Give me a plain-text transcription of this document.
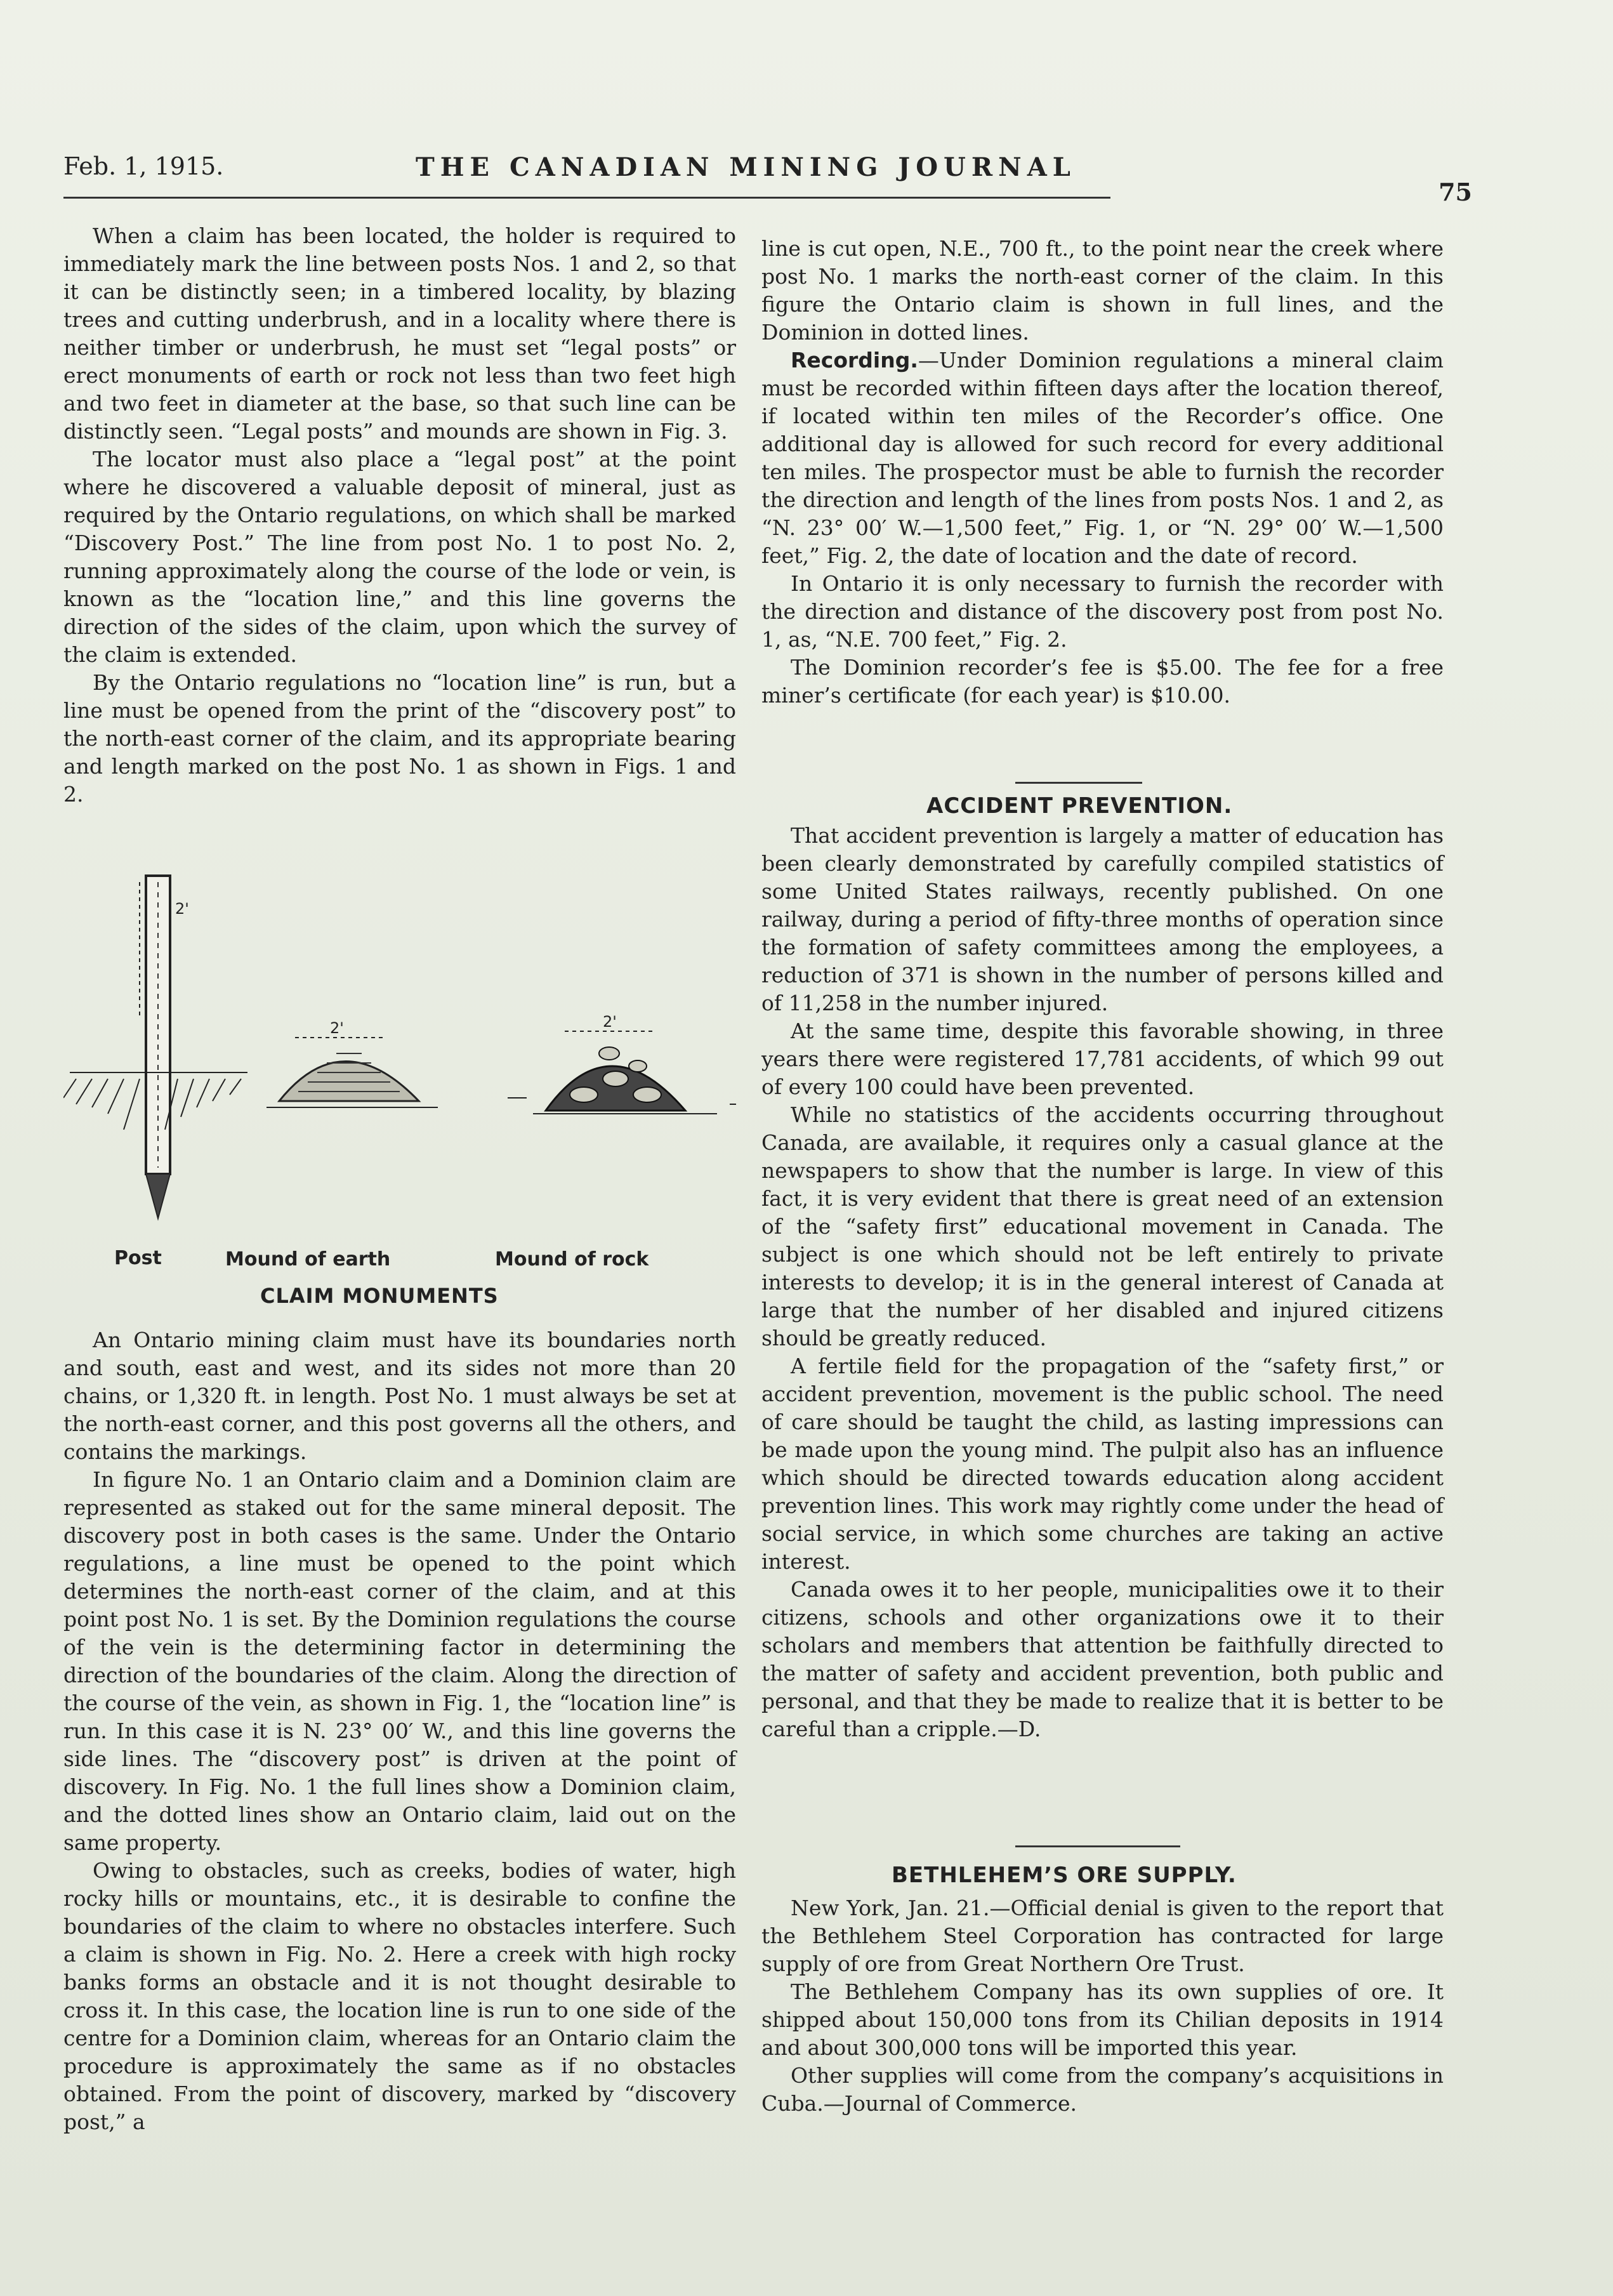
Feb. 1, 1915.	THE CANADIAN MINING JOURNAL
75

When a claim has been located, the holder is required to immediately mark the line between posts Nos. 1 and 2, so that it can be distinctly seen; in a timbered locality, by blazing trees and cutting underbrush, and in a locality where there is neither timber or underbrush, he must set “legal posts” or erect monuments of earth or rock not less than two feet high and two feet in diameter at the base, so that such line can be distinctly seen. “Legal posts” and mounds are shown in Fig. 3.

The locator must also place a “legal post” at the point where he discovered a valuable deposit of mineral, just as required by the Ontario regulations, on which shall be marked “Discovery Post.” The line from post No. 1 to post No. 2, running approximately along the course of the lode or vein, is known as the “location line,” and this line governs the direction of the sides of the claim, upon which the survey of the claim is extended.

By the Ontario regulations no “location line” is run, but a line must be opened from the print of the “discovery post” to the north-east corner of the claim, and its appropriate bearing and length marked on the post No. 1 as shown in Figs. 1 and 2.

2'
2'	2'
Post	Mound of earth	Mound of rock
CLAIM MONUMENTS

An Ontario mining claim must have its boundaries north and south, east and west, and its sides not more than 20 chains, or 1,320 ft. in length. Post No. 1 must always be set at the north-east corner, and this post governs all the others, and contains the markings.

In figure No. 1 an Ontario claim and a Dominion claim are represented as staked out for the same mineral deposit. The discovery post in both cases is the same. Under the Ontario regulations, a line must be opened to the point which determines the north-east corner of the claim, and at this point post No. 1 is set. By the Dominion regulations the course of the vein is the determining factor in determining the direction of the boundaries of the claim. Along the direction of the course of the vein, as shown in Fig. 1, the “location line” is run. In this case it is N. 23° 00′ W., and this line governs the side lines. The “discovery post” is driven at the point of discovery. In Fig. No. 1 the full lines show a Dominion claim, and the dotted lines show an Ontario claim, laid out on the same property.

Owing to obstacles, such as creeks, bodies of water, high rocky hills or mountains, etc., it is desirable to confine the boundaries of the claim to where no obstacles interfere. Such a claim is shown in Fig. No. 2. Here a creek with high rocky banks forms an obstacle and it is not thought desirable to cross it. In this case, the location line is run to one side of the centre for a Dominion claim, whereas for an Ontario claim the procedure is approximately the same as if no obstacles obtained. From the point of discovery, marked by “discovery post,” a

line is cut open, N.E., 700 ft., to the point near the creek where post No. 1 marks the north-east corner of the claim. In this figure the Ontario claim is shown in full lines, and the Dominion in dotted lines.

Recording.—Under Dominion regulations a mineral claim must be recorded within fifteen days after the location thereof, if located within ten miles of the Recorder’s office. One additional day is allowed for such record for every additional ten miles. The prospector must be able to furnish the recorder the direction and length of the lines from posts Nos. 1 and 2, as “N. 23° 00′ W.—1,500 feet,” Fig. 1, or “N. 29° 00′ W.—1,500 feet,” Fig. 2, the date of location and the date of record.

In Ontario it is only necessary to furnish the recorder with the direction and distance of the discovery post from post No. 1, as, “N.E. 700 feet,” Fig. 2.

The Dominion recorder’s fee is $5.00. The fee for a free miner’s certificate (for each year) is $10.00.

ACCIDENT PREVENTION.

That accident prevention is largely a matter of education has been clearly demonstrated by carefully compiled statistics of some United States railways, recently published. On one railway, during a period of fifty-three months of operation since the formation of safety committees among the employees, a reduction of 371 is shown in the number of persons killed and of 11,258 in the number injured.

At the same time, despite this favorable showing, in three years there were registered 17,781 accidents, of which 99 out of every 100 could have been prevented.

While no statistics of the accidents occurring throughout Canada, are available, it requires only a casual glance at the newspapers to show that the number is large. In view of this fact, it is very evident that there is great need of an extension of the “safety first” educational movement in Canada. The subject is one which should not be left entirely to private interests to develop; it is in the general interest of Canada at large that the number of her disabled and injured citizens should be greatly reduced.

A fertile field for the propagation of the “safety first,” or accident prevention, movement is the public school. The need of care should be taught the child, as lasting impressions can be made upon the young mind. The pulpit also has an influence which should be directed towards education along accident prevention lines. This work may rightly come under the head of social service, in which some churches are taking an active interest.

Canada owes it to her people, municipalities owe it to their citizens, schools and other organizations owe it to their scholars and members that attention be faithfully directed to the matter of safety and accident prevention, both public and personal, and that they be made to realize that it is better to be careful than a cripple.—D.

BETHLEHEM’S ORE SUPPLY.

New York, Jan. 21.—Official denial is given to the report that the Bethlehem Steel Corporation has contracted for large supply of ore from Great Northern Ore Trust.

The Bethlehem Company has its own supplies of ore. It shipped about 150,000 tons from its Chilian deposits in 1914 and about 300,000 tons will be imported this year.

Other supplies will come from the company’s acquisitions in Cuba.—Journal of Commerce.
